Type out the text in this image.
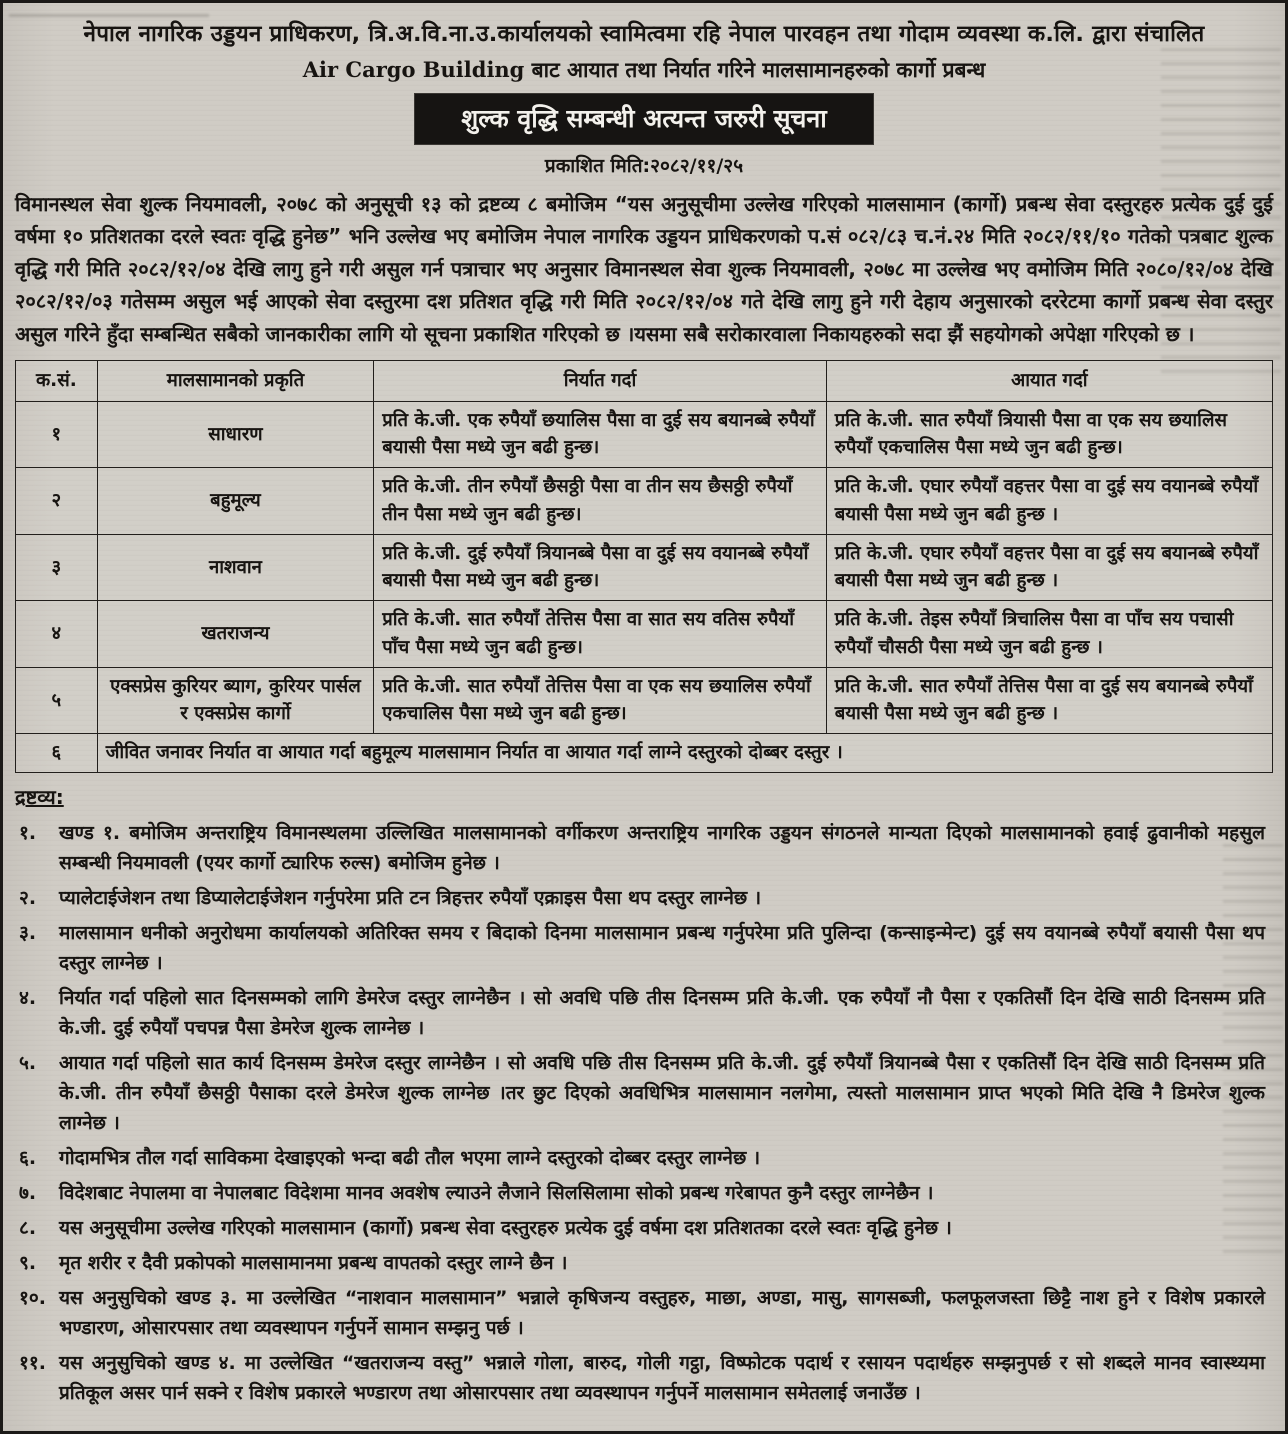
नेपाल नागरिक उड्डयन प्राधिकरण, त्रि.अ.वि.ना.उ.कार्यालयको स्वामित्वमा रहि नेपाल पारवहन तथा गोदाम व्यवस्था क.लि. द्वारा संचालित
Air Cargo Building बाट आयात तथा निर्यात गरिने मालसामानहरुको कार्गो प्रबन्ध
शुल्क वृद्धि सम्बन्धी अत्यन्त जरुरी सूचना
प्रकाशित मिति:२०८२/११/२५
विमानस्थल सेवा शुल्क नियमावली, २०७८ को अनुसूची १३ को द्रष्टव्य ८ बमोजिम “यस अनुसूचीमा उल्लेख गरिएको मालसामान (कार्गो) प्रबन्ध सेवा दस्तुरहरु प्रत्येक दुई दुई वर्षमा १० प्रतिशतका दरले स्वतः वृद्धि हुनेछ” भनि उल्लेख भए बमोजिम नेपाल नागरिक उड्डयन प्राधिकरणको प.सं ०८२/८३ च.नं.२४ मिति २०८२/११/१० गतेको पत्रबाट शुल्क वृद्धि गरी मिति २०८२/१२/०४ देखि लागु हुने गरी असुल गर्न पत्राचार भए अनुसार विमानस्थल सेवा शुल्क नियमावली, २०७८ मा उल्लेख भए वमोजिम मिति २०८०/१२/०४ देखि २०८२/१२/०३ गतेसम्म असुल भई आएको सेवा दस्तुरमा दश प्रतिशत वृद्धि गरी मिति २०८२/१२/०४ गते देखि लागु हुने गरी देहाय अनुसारको दररेटमा कार्गो प्रबन्ध सेवा दस्तुर असुल गरिने हुँदा सम्बन्धित सबैको जानकारीका लागि यो सूचना प्रकाशित गरिएको छ ।यसमा सबै सरोकारवाला निकायहरुको सदा झैं सहयोगको अपेक्षा गरिएको छ ।
क.सं.	मालसामानको प्रकृति	निर्यात गर्दा	आयात गर्दा
१	साधारण	प्रति के.जी. एक रुपैयाँ छयालिस पैसा वा दुई सय बयानब्बे रुपैयाँ बयासी पैसा मध्ये जुन बढी हुन्छ।	प्रति के.जी. सात रुपैयाँ त्रियासी पैसा वा एक सय छयालिस रुपैयाँ एकचालिस पैसा मध्ये जुन बढी हुन्छ।
२	बहुमूल्य	प्रति के.जी. तीन रुपैयाँ छैसठ्ठी पैसा वा तीन सय छैसठ्ठी रुपैयाँ तीन पैसा मध्ये जुन बढी हुन्छ।	प्रति के.जी. एघार रुपैयाँ वहत्तर पैसा वा दुई सय वयानब्बे रुपैयाँ बयासी पैसा मध्ये जुन बढी हुन्छ ।
३	नाशवान	प्रति के.जी. दुई रुपैयाँ त्रियानब्बे पैसा वा दुई सय वयानब्बे रुपैयाँ बयासी पैसा मध्ये जुन बढी हुन्छ।	प्रति के.जी. एघार रुपैयाँ वहत्तर पैसा वा दुई सय बयानब्बे रुपैयाँ बयासी पैसा मध्ये जुन बढी हुन्छ ।
४	खतराजन्य	प्रति के.जी. सात रुपैयाँ तेत्तिस पैसा वा सात सय वतिस रुपैयाँ पाँच पैसा मध्ये जुन बढी हुन्छ।	प्रति के.जी. तेइस रुपैयाँ त्रिचालिस पैसा वा पाँच सय पचासी रुपैयाँ चौसठी पैसा मध्ये जुन बढी हुन्छ ।
५	एक्सप्रेस कुरियर ब्याग, कुरियर पार्सल र एक्सप्रेस कार्गो	प्रति के.जी. सात रुपैयाँ तेत्तिस पैसा वा एक सय छयालिस रुपैयाँ एकचालिस पैसा मध्ये जुन बढी हुन्छ।	प्रति के.जी. सात रुपैयाँ तेत्तिस पैसा वा दुई सय बयानब्बे रुपैयाँ बयासी पैसा मध्ये जुन बढी हुन्छ ।
६	जीवित जनावर निर्यात वा आयात गर्दा बहुमूल्य मालसामान निर्यात वा आयात गर्दा लाग्ने दस्तुरको दोब्बर दस्तुर ।		
द्रष्टव्य:
१.	खण्ड १. बमोजिम अन्तराष्ट्रिय विमानस्थलमा उल्लिखित मालसामानको वर्गीकरण अन्तराष्ट्रिय नागरिक उड्डयन संगठनले मान्यता दिएको मालसामानको हवाई ढुवानीको महसुल सम्बन्धी नियमावली (एयर कार्गो ट्यारिफ रुल्स) बमोजिम हुनेछ ।
२.	प्यालेटाईजेशन तथा डिप्यालेटाईजेशन गर्नुपरेमा प्रति टन त्रिहत्तर रुपैयाँ एक्राइस पैसा थप दस्तुर लाग्नेछ ।
३.	मालसामान धनीको अनुरोधमा कार्यालयको अतिरिक्त समय र बिदाको दिनमा मालसामान प्रबन्ध गर्नुपरेमा प्रति पुलिन्दा (कन्साइन्मेन्ट) दुई सय वयानब्बे रुपैयाँ बयासी पैसा थप दस्तुर लाग्नेछ ।
४.	निर्यात गर्दा पहिलो सात दिनसम्मको लागि डेमरेज दस्तुर लाग्नेछैन । सो अवधि पछि तीस दिनसम्म प्रति के.जी. एक रुपैयाँ नौ पैसा र एकतिसौं दिन देखि साठी दिनसम्म प्रति के.जी. दुई रुपैयाँ पचपन्न पैसा डेमरेज शुल्क लाग्नेछ ।
५.	आयात गर्दा पहिलो सात कार्य दिनसम्म डेमरेज दस्तुर लाग्नेछैन । सो अवधि पछि तीस दिनसम्म प्रति के.जी. दुई रुपैयाँ त्रियानब्बे पैसा र एकतिसौं दिन देखि साठी दिनसम्म प्रति के.जी. तीन रुपैयाँ छैसठ्ठी पैसाका दरले डेमरेज शुल्क लाग्नेछ ।तर छुट दिएको अवधिभित्र मालसामान नलगेमा, त्यस्तो मालसामान प्राप्त भएको मिति देखि नै डिमरेज शुल्क लाग्नेछ ।
६.	गोदामभित्र तौल गर्दा साविकमा देखाइएको भन्दा बढी तौल भएमा लाग्ने दस्तुरको दोब्बर दस्तुर लाग्नेछ ।
७.	विदेशबाट नेपालमा वा नेपालबाट विदेशमा मानव अवशेष ल्याउने लैजाने सिलसिलामा सोको प्रबन्ध गरेबापत कुनै दस्तुर लाग्नेछैन ।
८.	यस अनुसूचीमा उल्लेख गरिएको मालसामान (कार्गो) प्रबन्ध सेवा दस्तुरहरु प्रत्येक दुई वर्षमा दश प्रतिशतका दरले स्वतः वृद्धि हुनेछ ।
९.	मृत शरीर र दैवी प्रकोपको मालसामानमा प्रबन्ध वापतको दस्तुर लाग्ने छैन ।
१०. यस अनुसुचिको खण्ड ३. मा उल्लेखित “नाशवान मालसामान” भन्नाले कृषिजन्य वस्तुहरु, माछा, अण्डा, मासु, सागसब्जी, फलफूलजस्ता छिट्टै नाश हुने र विशेष प्रकारले भण्डारण, ओसारपसार तथा व्यवस्थापन गर्नुपर्ने सामान सम्झनु पर्छ ।
११. यस अनुसुचिको खण्ड ४. मा उल्लेखित “खतराजन्य वस्तु” भन्नाले गोला, बारुद, गोली गट्ठा, विष्फोटक पदार्थ र रसायन पदार्थहरु सम्झनुपर्छ र सो शब्दले मानव स्वास्थ्यमा प्रतिकूल असर पार्न सक्ने र विशेष प्रकारले भण्डारण तथा ओसारपसार तथा व्यवस्थापन गर्नुपर्ने मालसामान समेतलाई जनाउँछ ।
